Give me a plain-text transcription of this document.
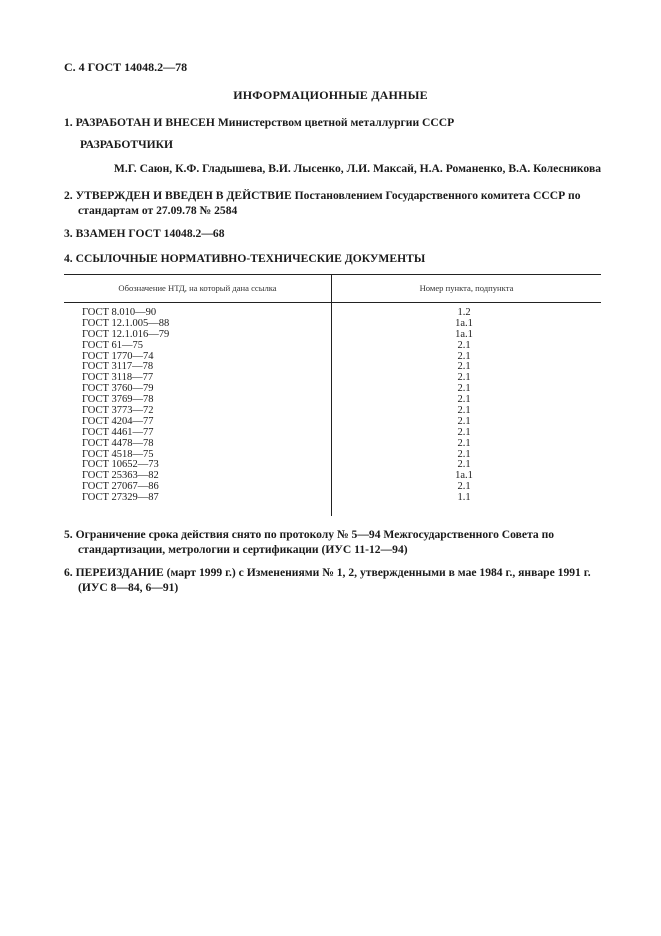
С. 4 ГОСТ 14048.2—78
ИНФОРМАЦИОННЫЕ ДАННЫЕ
1. РАЗРАБОТАН И ВНЕСЕН Министерством цветной металлургии СССР
РАЗРАБОТЧИКИ
М.Г. Саюн, К.Ф. Гладышева, В.И. Лысенко, Л.И. Максай, Н.А. Романенко, В.А. Колесникова
2. УТВЕРЖДЕН И ВВЕДЕН В ДЕЙСТВИЕ Постановлением Государственного комитета СССР по
стандартам от 27.09.78 № 2584
3. ВЗАМЕН ГОСТ 14048.2—68
4. ССЫЛОЧНЫЕ НОРМАТИВНО-ТЕХНИЧЕСКИЕ ДОКУМЕНТЫ
Обозначение НТД, на который дана ссылка	Номер пункта, подпункта
ГОСТ 8.010—90
ГОСТ 12.1.005—88
ГОСТ 12.1.016—79
ГОСТ 61—75
ГОСТ 1770—74
ГОСТ 3117—78
ГОСТ 3118—77
ГОСТ 3760—79
ГОСТ 3769—78
ГОСТ 3773—72
ГОСТ 4204—77
ГОСТ 4461—77
ГОСТ 4478—78
ГОСТ 4518—75
ГОСТ 10652—73
ГОСТ 25363—82
ГОСТ 27067—86
ГОСТ 27329—87
1.2
1а.1
1а.1
2.1
2.1
2.1
2.1
2.1
2.1
2.1
2.1
2.1
2.1
2.1
2.1
1а.1
2.1
1.1
5. Ограничение срока действия снято по протоколу № 5—94 Межгосударственного Совета по
стандартизации, метрологии и сертификации (ИУС 11-12—94)
6. ПЕРЕИЗДАНИЕ (март 1999 г.) с Изменениями № 1, 2, утвержденными в мае 1984 г., январе 1991 г.
(ИУС 8—84, 6—91)
